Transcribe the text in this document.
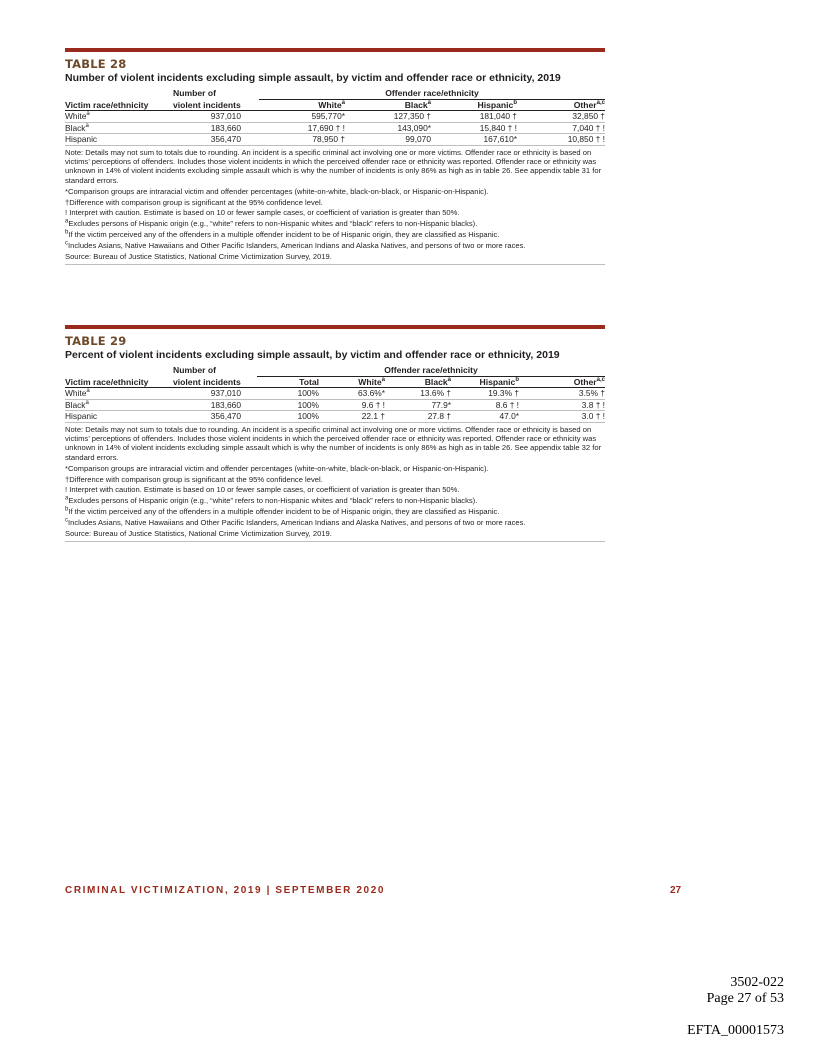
TABLE 28
Number of violent incidents excluding simple assault, by victim and offender race or ethnicity, 2019
	Number of	Offender race/ethnicity			
Victim race/ethnicity	violent incidents	White$^a$	Black$^a$	Hispanic$^b$	Other$^{a,c}$
White$^a$	937,010	595,770*	127,350 †	181,040 †	32,850 †
Black$^a$	183,660	17,690 † !	143,090*	15,840 † !	7,040 † !
Hispanic	356,470	78,950 †	99,070	167,610*	10,850 † !

Note: Details may not sum to totals due to rounding. An incident is a specific criminal act involving one or more victims. Offender race or ethnicity is based on victims’ perceptions of offenders. Includes those violent incidents in which the perceived offender race or ethnicity was reported. Offender race or ethnicity was unknown in 14% of violent incidents excluding simple assault which is why the number of incidents is only 86% as high as in table 26. See appendix table 31 for standard errors.

*Comparison groups are intraracial victim and offender percentages (white-on-white, black-on-black, or Hispanic-on-Hispanic).

†Difference with comparison group is significant at the 95% confidence level.

! Interpret with caution. Estimate is based on 10 or fewer sample cases, or coefficient of variation is greater than 50%.

$^a$Excludes persons of Hispanic origin (e.g., “white” refers to non-Hispanic whites and “black” refers to non-Hispanic blacks).

$^b$If the victim perceived any of the offenders in a multiple offender incident to be of Hispanic origin, they are classified as Hispanic.

$^c$Includes Asians, Native Hawaiians and Other Pacific Islanders, American Indians and Alaska Natives, and persons of two or more races.

Source: Bureau of Justice Statistics, National Crime Victimization Survey, 2019.

TABLE 29
Percent of violent incidents excluding simple assault, by victim and offender race or ethnicity, 2019
	Number of	Offender race/ethnicity				
Victim race/ethnicity	violent incidents	Total	White$^a$	Black$^a$	Hispanic$^b$	Other$^{a,c}$
White$^a$	937,010	100%	63.6%*	13.6% †	19.3% †	3.5% †
Black$^a$	183,660	100%	9.6 † !	77.9*	8.6 † !	3.8 † !
Hispanic	356,470	100%	22.1 †	27.8 †	47.0*	3.0 † !

Note: Details may not sum to totals due to rounding. An incident is a specific criminal act involving one or more victims. Offender race or ethnicity is based on victims’ perceptions of offenders. Includes those violent incidents in which the perceived offender race or ethnicity was reported. Offender race or ethnicity was unknown in 14% of violent incidents excluding simple assault which is why the number of incidents is only 86% as high as in table 26. See appendix table 32 for standard errors.

*Comparison groups are intraracial victim and offender percentages (white-on-white, black-on-black, or Hispanic-on-Hispanic).

†Difference with comparison group is significant at the 95% confidence level.

! Interpret with caution. Estimate is based on 10 or fewer sample cases, or coefficient of variation is greater than 50%.

$^a$Excludes persons of Hispanic origin (e.g., “white” refers to non-Hispanic whites and “black” refers to non-Hispanic blacks).

$^b$If the victim perceived any of the offenders in a multiple offender incident to be of Hispanic origin, they are classified as Hispanic.

$^c$Includes Asians, Native Hawaiians and Other Pacific Islanders, American Indians and Alaska Natives, and persons of two or more races.

Source: Bureau of Justice Statistics, National Crime Victimization Survey, 2019.

CRIMINAL VICTIMIZATION, 2019 | SEPTEMBER 2020	27
3502-022
Page 27 of 53
EFTA_00001573
